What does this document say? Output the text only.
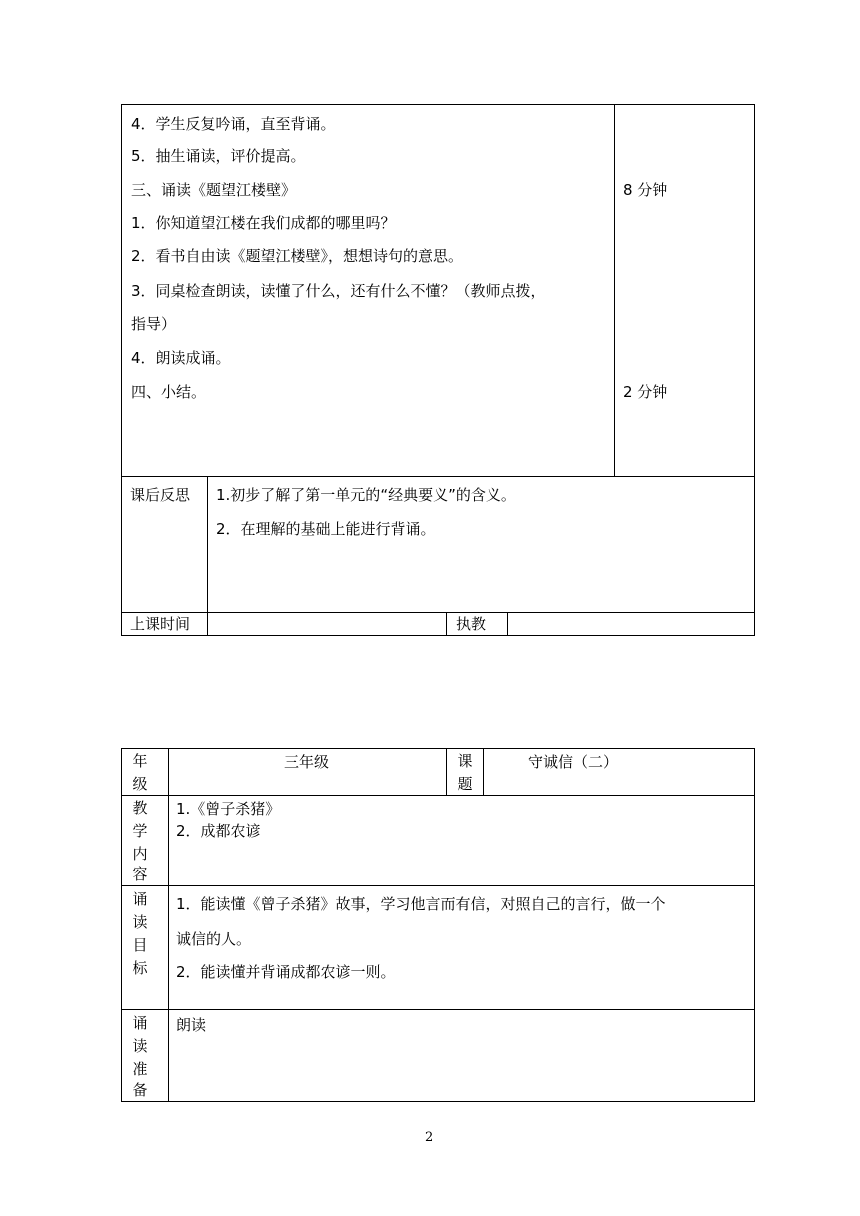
4．学生反复吟诵，直至背诵。
5．抽生诵读，评价提高。
三、诵读《题望江楼壁》
1．你知道望江楼在我们成都的哪里吗？
2．看书自由读《题望江楼壁》，想想诗句的意思。
3．同桌检查朗读，读懂了什么，还有什么不懂？（教师点拨，
指导）
4．朗读成诵。
四、小结。
8 分钟
2 分钟
课后反思 1.初步了解了第一单元的“经典要义”的含义。
2．在理解的基础上能进行背诵。
上课时间	执教
年
级
三年级	课
题
守诚信（二）
教
学
内
容
1.《曾子杀猪》
2．成都农谚
诵
读
目
标
1．能读懂《曾子杀猪》故事，学习他言而有信，对照自己的言行，做一个
诚信的人。
2．能读懂并背诵成都农谚一则。
诵
读
准
备
朗读
2
